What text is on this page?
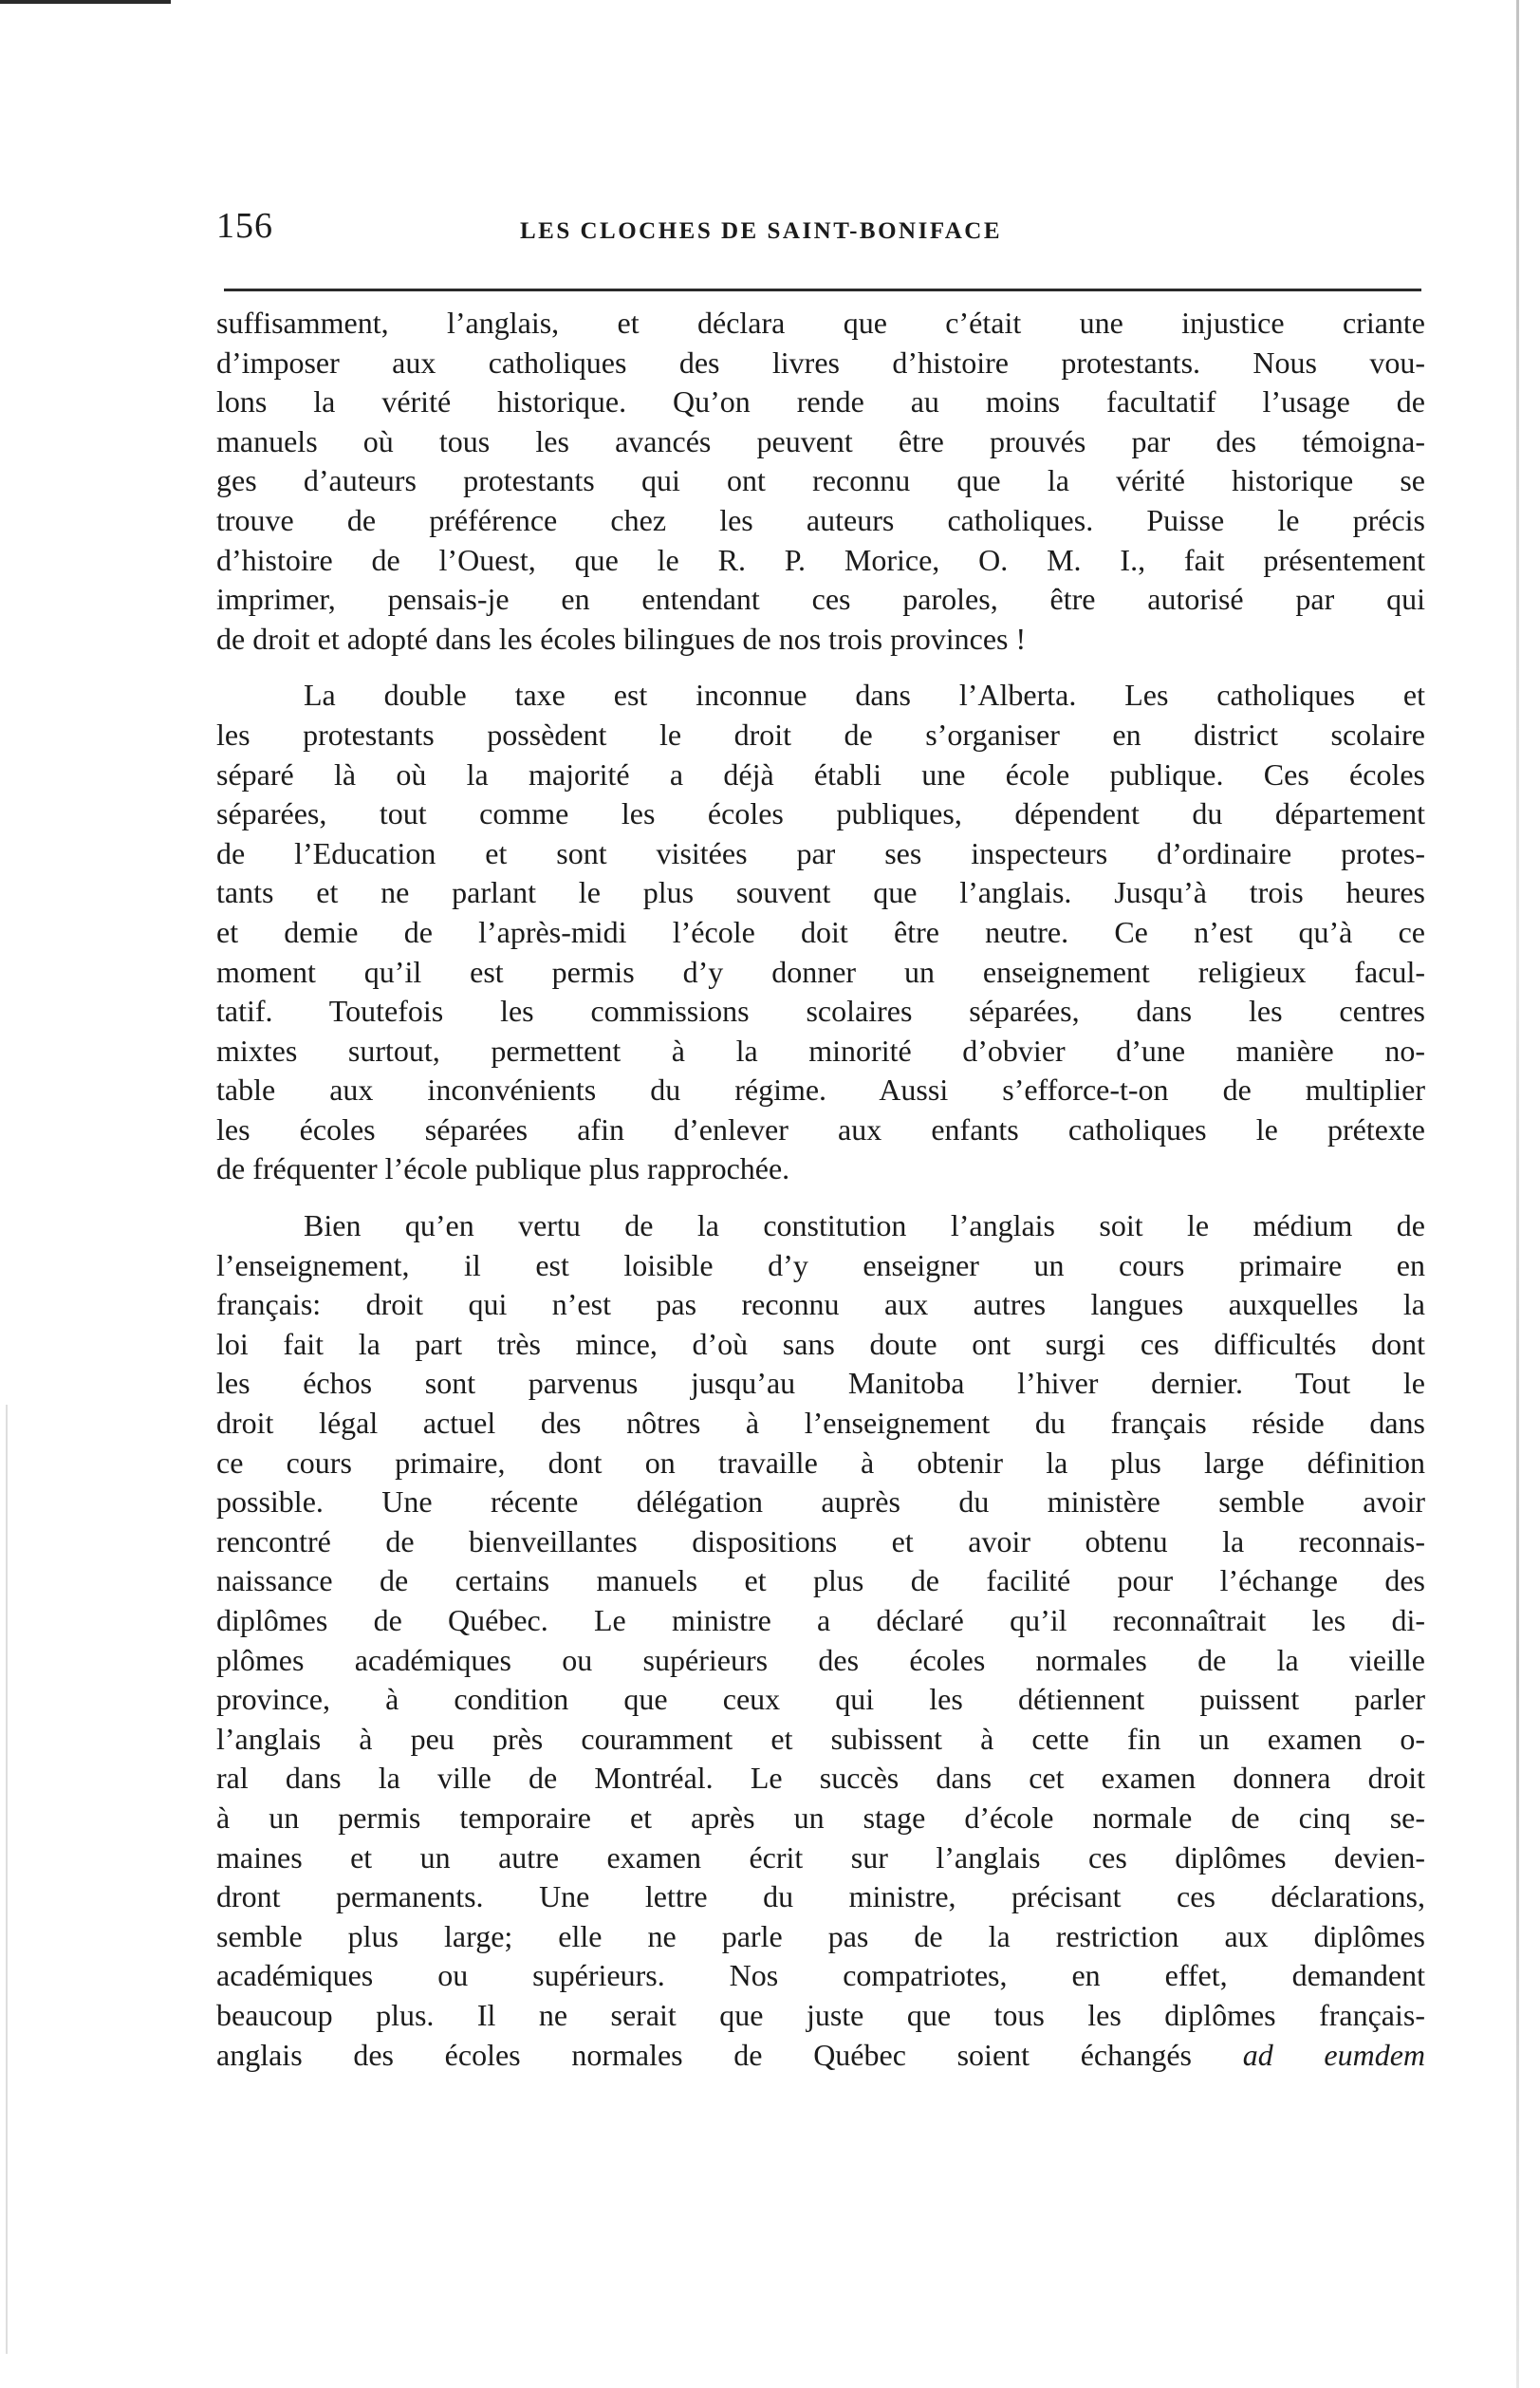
156	LES CLOCHES DE SAINT-BONIFACE
suffisamment, l’anglais, et déclara que c’était une injustice criante
d’imposer aux catholiques des livres d’histoire protestants. Nous vou-
lons la vérité historique. Qu’on rende au moins facultatif l’usage de
manuels où tous les avancés peuvent être prouvés par des témoigna-
ges d’auteurs protestants qui ont reconnu que la vérité historique se
trouve de préférence chez les auteurs catholiques. Puisse le précis
d’histoire de l’Ouest, que le R. P. Morice, O. M. I., fait présentement
imprimer, pensais-je en entendant ces paroles, être autorisé par qui
de droit et adopté dans les écoles bilingues de nos trois provinces !
La double taxe est inconnue dans l’Alberta. Les catholiques et
les protestants possèdent le droit de s’organiser en district scolaire
séparé là où la majorité a déjà établi une école publique. Ces écoles
séparées, tout comme les écoles publiques, dépendent du département
de l’Education et sont visitées par ses inspecteurs d’ordinaire protes-
tants et ne parlant le plus souvent que l’anglais. Jusqu’à trois heures
et demie de l’après-midi l’école doit être neutre. Ce n’est qu’à ce
moment qu’il est permis d’y donner un enseignement religieux facul-
tatif. Toutefois les commissions scolaires séparées, dans les centres
mixtes surtout, permettent à la minorité d’obvier d’une manière no-
table aux inconvénients du régime. Aussi s’efforce-t-on de multiplier
les écoles séparées afin d’enlever aux enfants catholiques le prétexte
de fréquenter l’école publique plus rapprochée.
Bien qu’en vertu de la constitution l’anglais soit le médium de
l’enseignement, il est loisible d’y enseigner un cours primaire en
français: droit qui n’est pas reconnu aux autres langues auxquelles la
loi fait la part très mince, d’où sans doute ont surgi ces difficultés dont
les échos sont parvenus jusqu’au Manitoba l’hiver dernier. Tout le
droit légal actuel des nôtres à l’enseignement du français réside dans
ce cours primaire, dont on travaille à obtenir la plus large définition
possible. Une récente délégation auprès du ministère semble avoir
rencontré de bienveillantes dispositions et avoir obtenu la reconnais-
naissance de certains manuels et plus de facilité pour l’échange des
diplômes de Québec. Le ministre a déclaré qu’il reconnaîtrait les di-
plômes académiques ou supérieurs des écoles normales de la vieille
province, à condition que ceux qui les détiennent puissent parler
l’anglais à peu près couramment et subissent à cette fin un examen o-
ral dans la ville de Montréal. Le succès dans cet examen donnera droit
à un permis temporaire et après un stage d’école normale de cinq se-
maines et un autre examen écrit sur l’anglais ces diplômes devien-
dront permanents. Une lettre du ministre, précisant ces déclarations,
semble plus large; elle ne parle pas de la restriction aux diplômes
académiques ou supérieurs. Nos compatriotes, en effet, demandent
beaucoup plus. Il ne serait que juste que tous les diplômes français-
anglais des écoles normales de Québec soient échangés ad eumdem
